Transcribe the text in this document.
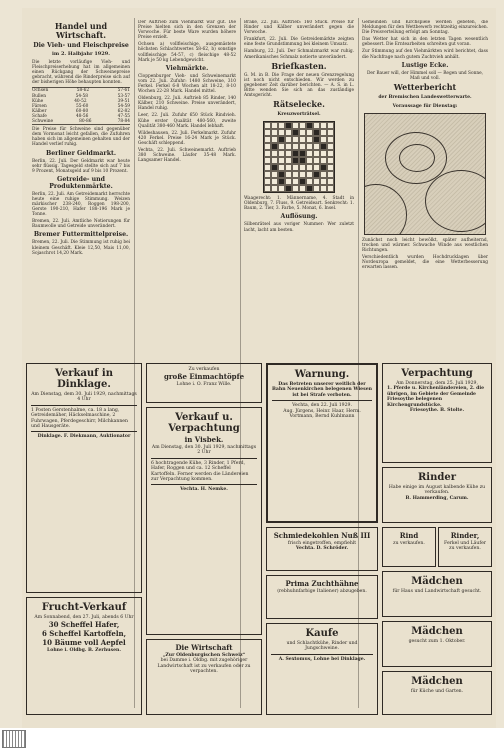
Handel und Wirtschaft.
Die Vieh- und Fleischpreise
im 2. Halbjahr 1929.

Die letzte vorläufige Vieh- und Fleischpreiserhebung hat im allgemeinen einen Rückgang der Schweinepreise gebracht, während die Rinderpreise sich auf der bisherigen Höhe behaupten konnten.

Ochsen	58-62	57-61
Bullen	54-58	53-57
Kühe	40-52	39-51
Färsen	55-60	54-59
Kälber	60-80	62-82
Schafe	48-56	47-55
Schweine	80-86	78-84

Die Preise für Schweine sind gegenüber dem Vormonat leicht gefallen, die Zufuhren haben sich im allgemeinen gehalten und der Handel verlief ruhig.

Berliner Geldmarkt.

Berlin, 22. Juli. Der Geldmarkt war heute sehr flüssig. Tagesgeld stellte sich auf 7 bis 9 Prozent, Monatsgeld auf 9 bis 10 Prozent.

Getreide- und Produktenmärkte.

Berlin, 22. Juli. Am Getreidemarkt herrschte heute eine ruhige Stimmung. Weizen märkischer 238-240, Roggen 198-200, Gerste 190-210, Hafer 188-196 Mark je Tonne.

Bremen, 22. Juli. Amtliche Notierungen für Baumwolle und Getreide unverändert.

Bremer Futtermittelpreise.

Bremen, 22. Juli. Die Stimmung ist ruhig bei kleinem Geschäft. Kleie 12,50, Mais 11,00, Sojaschrot 14,20 Mark.

Der Auftrieb zum Viehmarkt war gut. Die Preise hielten sich in den Grenzen der Vorwoche. Für beste Ware wurden höhere Preise erzielt.

Ochsen a) vollfleischige, ausgemästete höchsten Schlachtwertes 58-62, b) sonstige vollfleischige 54-57, c) fleischige 48-52 Mark je 50 kg Lebendgewicht.

Viehmärkte.

Cloppenburger Vieh- und Schweinemarkt vom 22. Juli. Zufuhr: 1480 Schweine, 310 Ferkel. Ferkel 6-8 Wochen alt 18-22, 8-10 Wochen 22-28 Mark. Handel mittel.

Oldenburg, 22. Juli. Auftrieb 85 Rinder, 140 Kälber, 210 Schweine. Preise unverändert, Handel ruhig.

Leer, 22. Juli. Zufuhr 650 Stück Rindvieh. Kühe erster Qualität 480-560, zweite Qualität 380-460 Mark. Handel lebhaft.

Wildeshausen, 22. Juli. Ferkelmarkt. Zufuhr 420 Ferkel. Preise 16-24 Mark je Stück. Geschäft schleppend.

Vechta, 22. Juli. Schweinemarkt. Auftrieb 380 Schweine. Läufer 35-48 Mark. Langsamer Handel.

Brake, 22. Juli. Auftrieb: 160 Stück. Preise für Rinder und Kälber unverändert gegen die Vorwoche.

Frankfurt, 22. Juli. Die Getreidemärkte zeigten eine feste Grundstimmung bei kleinem Umsatz.

Hamburg, 22. Juli. Der Schmalzmarkt war ruhig. Amerikanisches Schmalz notierte unverändert.

Briefkasten.

G. M. in B. Die Frage der neuen Grenzregelung ist noch nicht entschieden. Wir werden zu gegebener Zeit darüber berichten. — A. S. in L. Bitte wenden Sie sich an das zuständige Amtsgericht.

Rätselecke.
Kreuzworträtsel.

Waagerecht: 1. Männername, 4. Stadt in Oldenburg, 7. Fluss, 9. Getreideart. Senkrecht: 1. Baum, 2. Tier, 3. Farbe, 5. Monat, 6. Insel.

Auflösung.

Silbenrätsel aus voriger Nummer: Wer zuletzt lacht, lacht am besten.

Gemeinden und Kirchspiele werden gebeten, die Meldungen für den Wettbewerb rechtzeitig einzureichen. Die Preisverteilung erfolgt am Sonntag.

Das Wetter hat sich in den letzten Tagen wesentlich gebessert. Die Erntearbeiten schreiten gut voran.

Zur Stimmung auf den Viehmärkten wird berichtet, dass die Nachfrage nach gutem Zuchtvieh anhält.

Lustige Ecke.

Der Bauer will, der Himmel soll — Regen und Sonne, Maß und voll.

Wetterbericht
der Bremischen Landeswetterwarte.
Voraussage für Dienstag:

Zunächst noch leicht bewölkt, später aufheiternd, trocken und wärmer. Schwache Winde aus westlichen Richtungen.

Verschiedentlich wurden Hochdrucklagen über Nordeuropa gemeldet, die eine Wetterbesserung erwarten lassen.

Verkauf in Dinklage.
Am Dienstag, dem 30. Juli 1929, nachmittags 4 Uhr
1 Posten Gerstenhalme, ca. 18 a lang, Getreidemäher, Häckselmaschine, 2 Fuhrwagen, Pferdegeschirr, Milchkannen und Hausgeräte.
Dinklage. F. Diekmann, Auktionator
Frucht-Verkauf
Am Sonnabend, den 27. Juli, abends 6 Uhr
30 Scheffel Hafer,
6 Scheffel Kartoffeln,
10 Bäume voll Aepfel
Lohne i. Oldbg. B. Zerhusen.
Zu verkaufen
große Einmachtöpfe
Lohne i. O. Franz Wille.
Verkauf u. Verpachtung
in Visbek.
Am Dienstag, den 30. Juli 1929, nachmittags 2 Uhr
6 hochtragende Kühe, 3 Rinder, 1 Pferd, Hafer, Roggen und ca. 12 Scheffel Kartoffeln. Ferner werden die Ländereien zur Verpachtung kommen.
Vechta. H. Nemke.
Die Wirtschaft
„Zur Oldenburgischen Schweiz“
bei Damme i. Oldbg. mit zugehöriger Landwirtschaft ist zu verkaufen oder zu verpachten.
Warnung.
Das Betreten unserer weitlich der Bahn Neuenkirchen belegenen Wiesen ist bei Strafe verboten.
Vechta, den 22. Juli 1929.
Aug. Jürgens, Heinr. Haar, Herm. Vortmann, Bernd Kuhlmann
Schmiedekohlen Nuß III
frisch eingetroffen, empfiehlt
Vechta. D. Schröder.
Prima Zuchthähne
(rebhuhnfarbige Italiener) abzugeben.
Kaufe
und Schlachtkühe, Rinder und Jungschweine.
A. Sextomus, Lohne bei Dinklage.
Verpachtung
Am Donnerstag, dem 25. Juli 1929,
1. Pferde u. Kirchenländereien, 2. die übrigen, im Gebiete der Gemeinde Friesoythe belegenen Kirchengrundstücke.
Friesoythe. B. Stolte.
Rinder
Habe einige im August kalbende Kühe zu verkaufen.
B. Hammerding, Carum.
Rind
zu verkaufen.
Rinder,
Ferkel und Läufer zu verkaufen.
Mädchen
für Haus und Landwirtschaft gesucht.
Mädchen
gesucht zum 1. Oktober.
Mädchen
für Küche und Garten.
